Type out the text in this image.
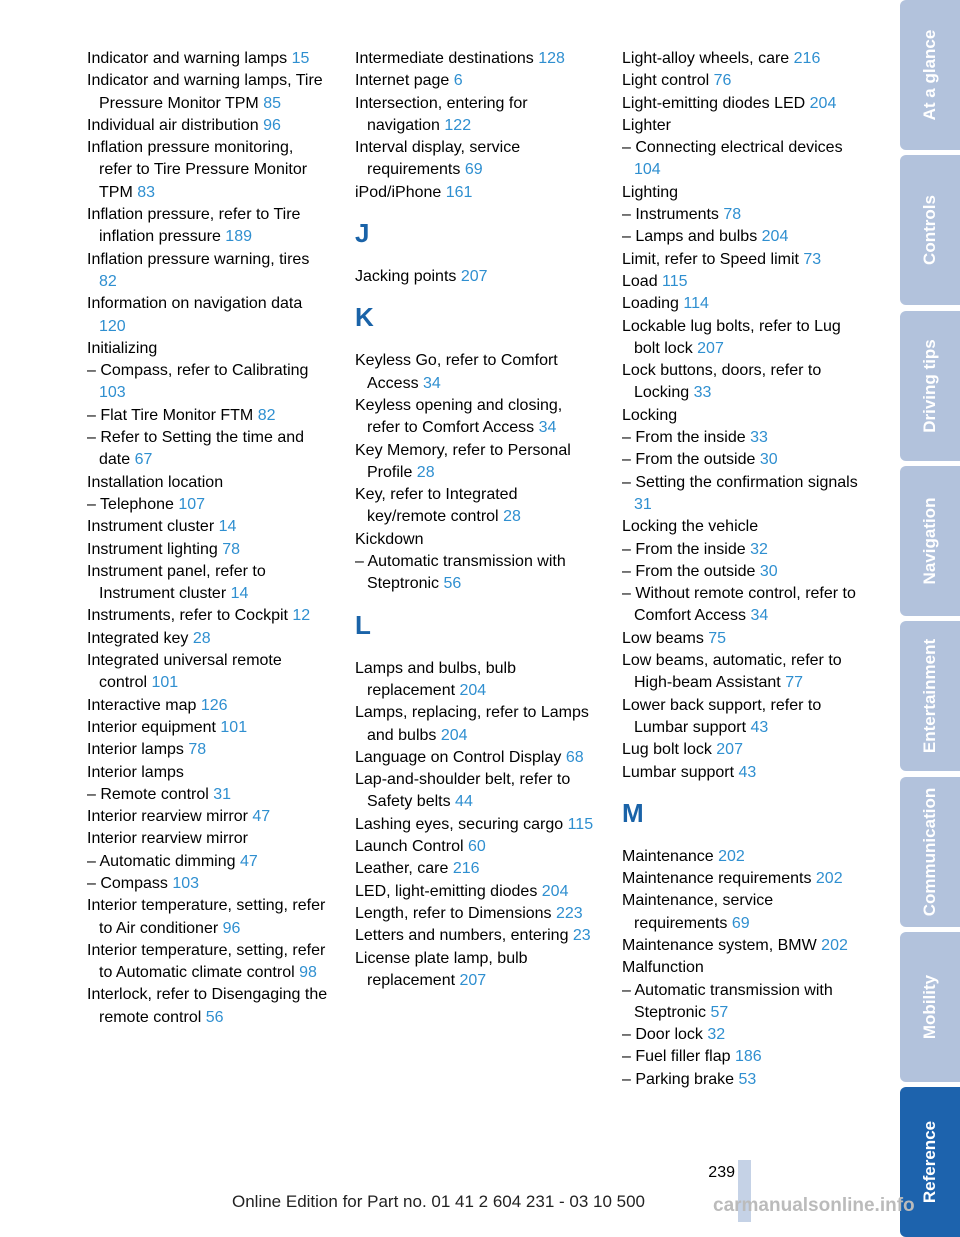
Indicator and warning lamps 15
Indicator and warning lamps, Tire Pressure Monitor TPM 85
Individual air distribution 96
Inflation pressure monitoring, refer to Tire Pressure Monitor TPM 83
Inflation pressure, refer to Tire inflation pressure 189
Inflation pressure warning, tires 82
Information on navigation data 120
Initializing
– Compass, refer to Calibrating 103
– Flat Tire Monitor FTM 82
– Refer to Setting the time and date 67
Installation location
– Telephone 107
Instrument cluster 14
Instrument lighting 78
Instrument panel, refer to Instrument cluster 14
Instruments, refer to Cockpit 12
Integrated key 28
Integrated universal remote control 101
Interactive map 126
Interior equipment 101
Interior lamps 78
Interior lamps
– Remote control 31
Interior rearview mirror 47
Interior rearview mirror
– Automatic dimming 47
– Compass 103
Interior temperature, setting, refer to Air conditioner 96
Interior temperature, setting, refer to Automatic climate control 98
Interlock, refer to Disengaging the remote control 56
Intermediate destinations 128
Internet page 6
Intersection, entering for navigation 122
Interval display, service requirements 69
iPod/iPhone 161
J
Jacking points 207
K
Keyless Go, refer to Comfort Access 34
Keyless opening and closing, refer to Comfort Access 34
Key Memory, refer to Personal Profile 28
Key, refer to Integrated key/remote control 28
Kickdown
– Automatic transmission with Steptronic 56
L
Lamps and bulbs, bulb replacement 204
Lamps, replacing, refer to Lamps and bulbs 204
Language on Control Display 68
Lap-and-shoulder belt, refer to Safety belts 44
Lashing eyes, securing cargo 115
Launch Control 60
Leather, care 216
LED, light-emitting diodes 204
Length, refer to Dimensions 223
Letters and numbers, entering 23
License plate lamp, bulb replacement 207
Light-alloy wheels, care 216
Light control 76
Light-emitting diodes LED 204
Lighter
– Connecting electrical devices 104
Lighting
– Instruments 78
– Lamps and bulbs 204
Limit, refer to Speed limit 73
Load 115
Loading 114
Lockable lug bolts, refer to Lug bolt lock 207
Lock buttons, doors, refer to Locking 33
Locking
– From the inside 33
– From the outside 30
– Setting the confirmation signals 31
Locking the vehicle
– From the inside 32
– From the outside 30
– Without remote control, refer to Comfort Access 34
Low beams 75
Low beams, automatic, refer to High-beam Assistant 77
Lower back support, refer to Lumbar support 43
Lug bolt lock 207
Lumbar support 43
M
Maintenance 202
Maintenance requirements 202
Maintenance, service requirements 69
Maintenance system, BMW 202
Malfunction
– Automatic transmission with Steptronic 57
– Door lock 32
– Fuel filler flap 186
– Parking brake 53
At a glance
Controls
Driving tips
Navigation
Entertainment
Communication
Mobility
Reference
239
Online Edition for Part no. 01 41 2 604 231 - 03 10 500	carmanualsonline.info
